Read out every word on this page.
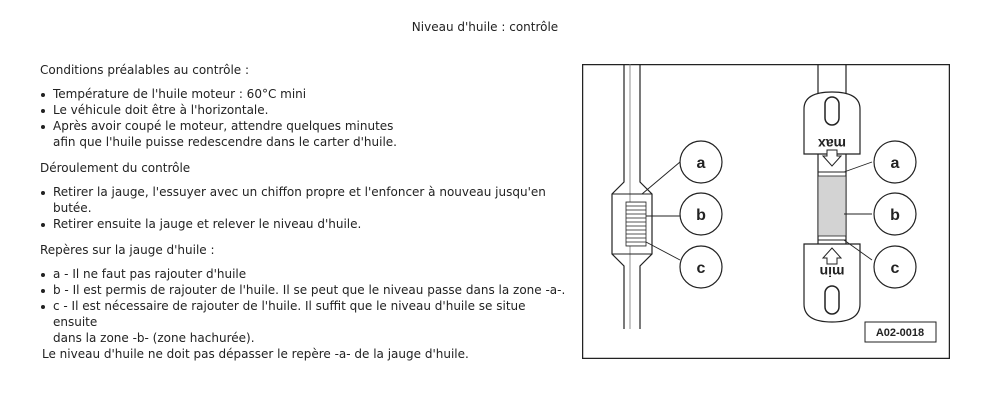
Niveau d'huile : contrôle
Conditions préalables au contrôle :
Température de l'huile moteur : 60°C mini
Le véhicule doit être à l'horizontale.
Après avoir coupé le moteur, attendre quelques minutes
afin que l'huile puisse redescendre dans le carter d'huile.
Déroulement du contrôle
Retirer la jauge, l'essuyer avec un chiffon propre et l'enfoncer à nouveau jusqu'en butée.
Retirer ensuite la jauge et relever le niveau d'huile.
Repères sur la jauge d'huile :
a - Il ne faut pas rajouter d'huile
b - Il est permis de rajouter de l'huile. Il se peut que le niveau passe dans la zone -a-.
c - Il est nécessaire de rajouter de l'huile. Il suffit que le niveau d'huile se situe ensuite
dans la zone -b- (zone hachurée).
Le niveau d'huile ne doit pas dépasser le repère -a- de la jauge d'huile.
max
min
a
b
c
a
b
c
A02-0018
